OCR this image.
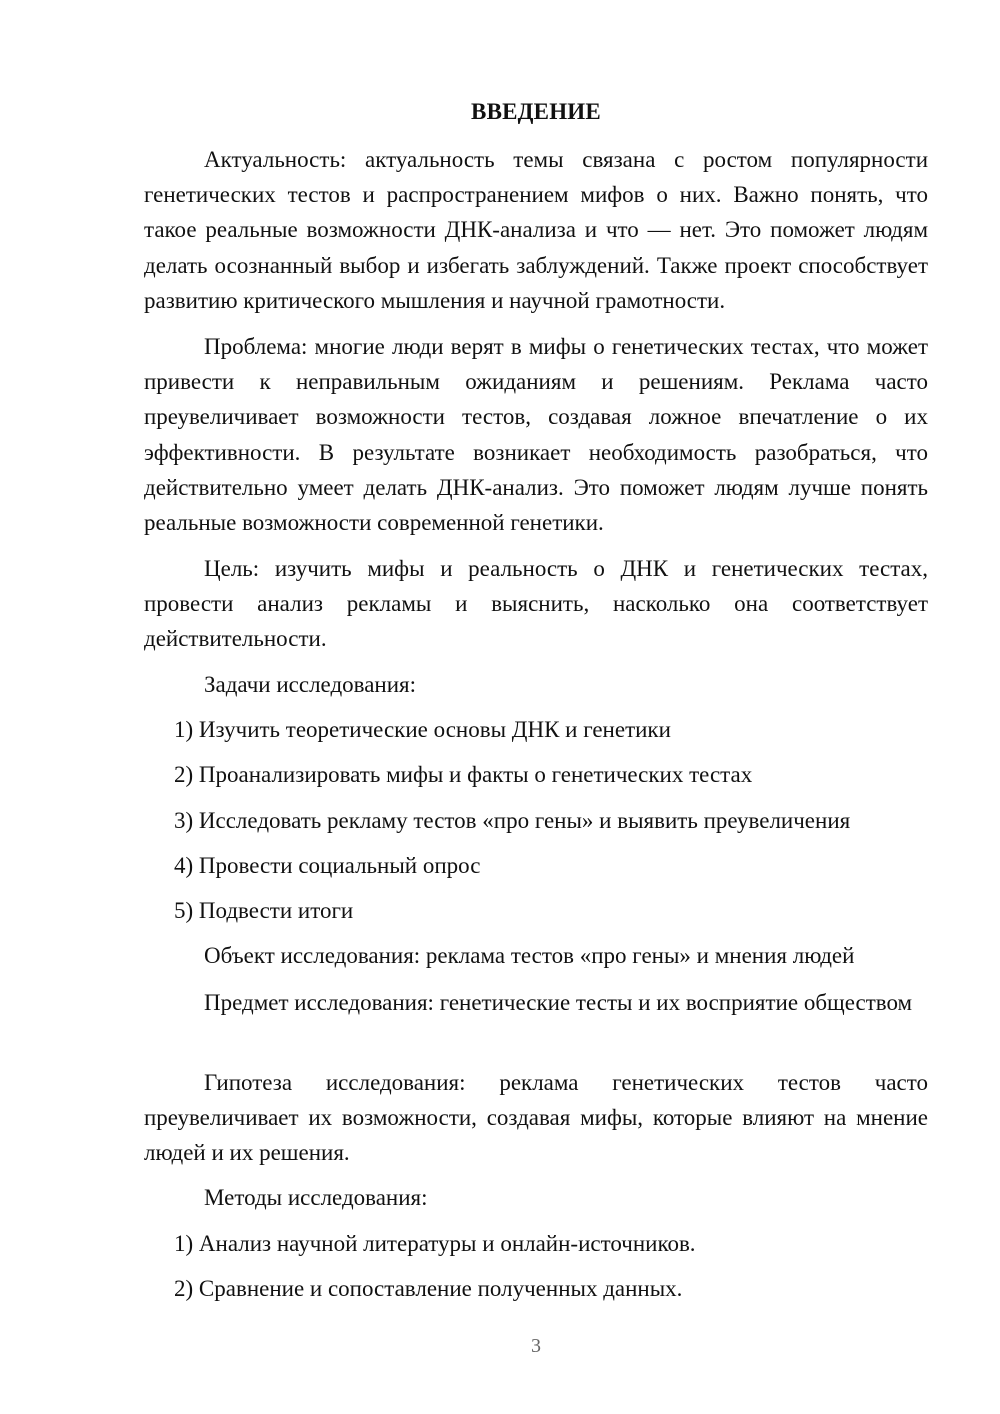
ВВЕДЕНИЕ

Актуальность: актуальность темы связана с ростом популярности генетических тестов и распространением мифов о них. Важно понять, что такое реальные возможности ДНК-анализа и что — нет. Это поможет людям делать осознанный выбор и избегать заблуждений. Также проект способствует развитию критического мышления и научной грамотности.

Проблема: многие люди верят в мифы о генетических тестах, что может привести к неправильным ожиданиям и решениям. Реклама часто преувеличивает возможности тестов, создавая ложное впечатление о их эффективности. В результате возникает необходимость разобраться, что действительно умеет делать ДНК-анализ. Это поможет людям лучше понять реальные возможности современной генетики.

Цель: изучить мифы и реальность о ДНК и генетических тестах, провести анализ рекламы и выяснить, насколько она соответствует действительности.

Задачи исследования:
1) Изучить теоретические основы ДНК и генетики
2) Проанализировать мифы и факты о генетических тестах
3) Исследовать рекламу тестов «про гены» и выявить преувеличения
4) Провести социальный опрос
5) Подвести итоги
Объект исследования: реклама тестов «про гены» и мнения людей

Предмет исследования: генетические тесты и их восприятие обществом

Гипотеза исследования: реклама генетических тестов часто преувеличивает их возможности, создавая мифы, которые влияют на мнение людей и их решения.

Методы исследования:
1) Анализ научной литературы и онлайн-источников.
2) Сравнение и сопоставление полученных данных.
3
